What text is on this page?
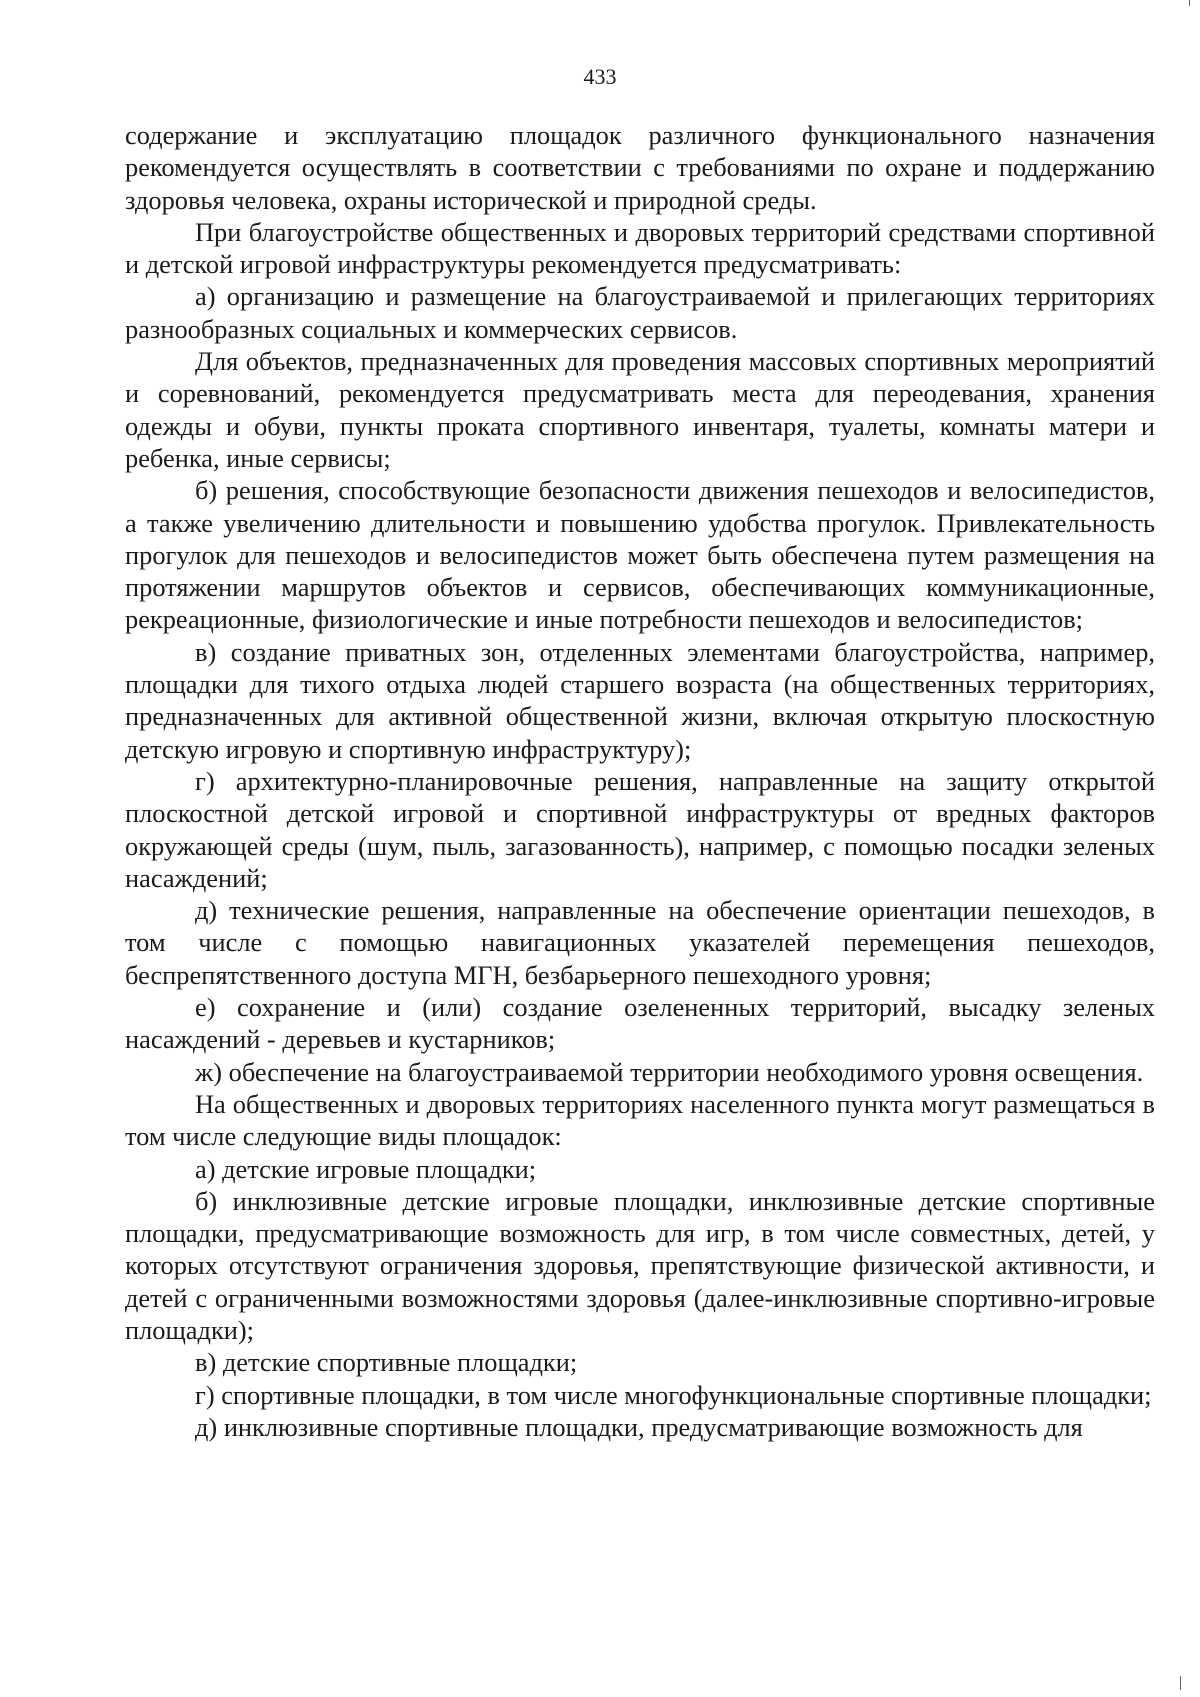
433

содержание и эксплуатацию площадок различного функционального назначения рекомендуется осуществлять в соответствии с требованиями по охране и поддержанию здоровья человека, охраны исторической и природной среды.

При благоустройстве общественных и дворовых территорий средствами спортивной и детской игровой инфраструктуры рекомендуется предусматривать:

а) организацию и размещение на благоустраиваемой и прилегающих территориях разнообразных социальных и коммерческих сервисов.

Для объектов, предназначенных для проведения массовых спортивных мероприятий и соревнований, рекомендуется предусматривать места для переодевания, хранения одежды и обуви, пункты проката спортивного инвентаря, туалеты, комнаты матери и ребенка, иные сервисы;

б) решения, способствующие безопасности движения пешеходов и велосипедистов, а также увеличению длительности и повышению удобства прогулок. Привлекательность прогулок для пешеходов и велосипедистов может быть обеспечена путем размещения на протяжении маршрутов объектов и сервисов, обеспечивающих коммуникационные, рекреационные, физиологические и иные потребности пешеходов и велосипедистов;

в) создание приватных зон, отделенных элементами благоустройства, например, площадки для тихого отдыха людей старшего возраста (на общественных территориях, предназначенных для активной общественной жизни, включая открытую плоскостную детскую игровую и спортивную инфраструктуру);

г) архитектурно-планировочные решения, направленные на защиту открытой плоскостной детской игровой и спортивной инфраструктуры от вредных факторов окружающей среды (шум, пыль, загазованность), например, с помощью посадки зеленых насаждений;

д) технические решения, направленные на обеспечение ориентации пешеходов, в том числе с помощью навигационных указателей перемещения пешеходов, беспрепятственного доступа МГН, безбарьерного пешеходного уровня;

е) сохранение и (или) создание озелененных территорий, высадку зеленых насаждений - деревьев и кустарников;

ж) обеспечение на благоустраиваемой территории необходимого уровня освещения.

На общественных и дворовых территориях населенного пункта могут размещаться в том числе следующие виды площадок:

а) детские игровые площадки;

б) инклюзивные детские игровые площадки, инклюзивные детские спортивные площадки, предусматривающие возможность для игр, в том числе совместных, детей, у которых отсутствуют ограничения здоровья, препятствующие физической активности, и детей с ограниченными возможностями здоровья (далее-инклюзивные спортивно-игровые площадки);

в) детские спортивные площадки;

г) спортивные площадки, в том числе многофункциональные спортивные площадки;

д) инклюзивные спортивные площадки, предусматривающие возможность для
